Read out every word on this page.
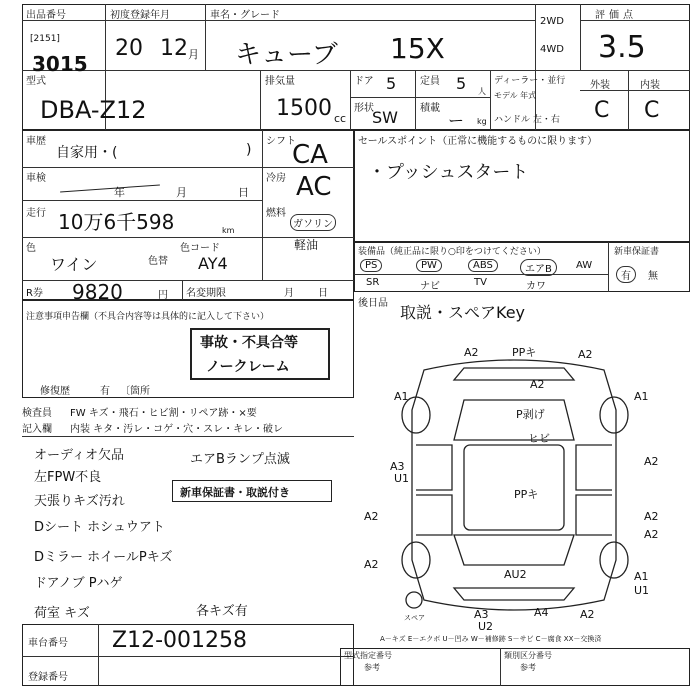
出品番号
[2151]
3015
初度登録年月
20 12 月
車名・グレード
キューブ 15X
2WD
4WD
評価点
3.5
型式
DBA-Z12
排気量
1500 cc
ドア 5 定員 5 人
形状
SW 積載
ー kg
ディーラー・並行
モデル 年式
ハンドル 左・右
外装	内装
C C
車歴
自家用・(	)
シフト
CA
車検
年	月	日
冷房 AC
走行 10万6千598	km
燃料
ガソリン
軽油
色
ワイン	色替
色コード
AY4
R券 9820	円 名変期限	月 日
セールスポイント（正常に機能するものに限ります）
・プッシュスタート
装備品（純正品に限り○印をつけてください）
PS	PW	ABS	エアB	AW
SR	ナビ	TV	カワ
新車保証書
有	無
後日品 取説・スペアKey
注意事項申告欄（不具合内容等は具体的に記入して下さい）
事故・不具合等
ノークレーム
修復歴	有 〔箇所
検査員
記入欄
FW キズ・飛石・ヒビ割・リペア跡・×要
内装 キタ・汚レ・コゲ・穴・スレ・キレ・破レ
オーディオ欠品	エアBランプ点滅
左FPW不良
天張りキズ汚れ
新車保証書・取説付き
Dシート ホシュウアト
Dミラー ホイールPキズ
ドアノブ Pハゲ
荷室 キズ	各キズ有
A2	PPキ	A2
A1
A2
P剥げ
A1
ヒビ
A2
A3
U1
PPキ
A2	A2
A2
AU2
A2
A1
A3	A4
U1
A2
U2
スペア
A－キズ E－エクボ U－凹み W－補修跡 S－サビ C－腐食 XX－交換済
車台番号 Z12-001258
登録番号
型式指定番号
参考
類別区分番号
参考
